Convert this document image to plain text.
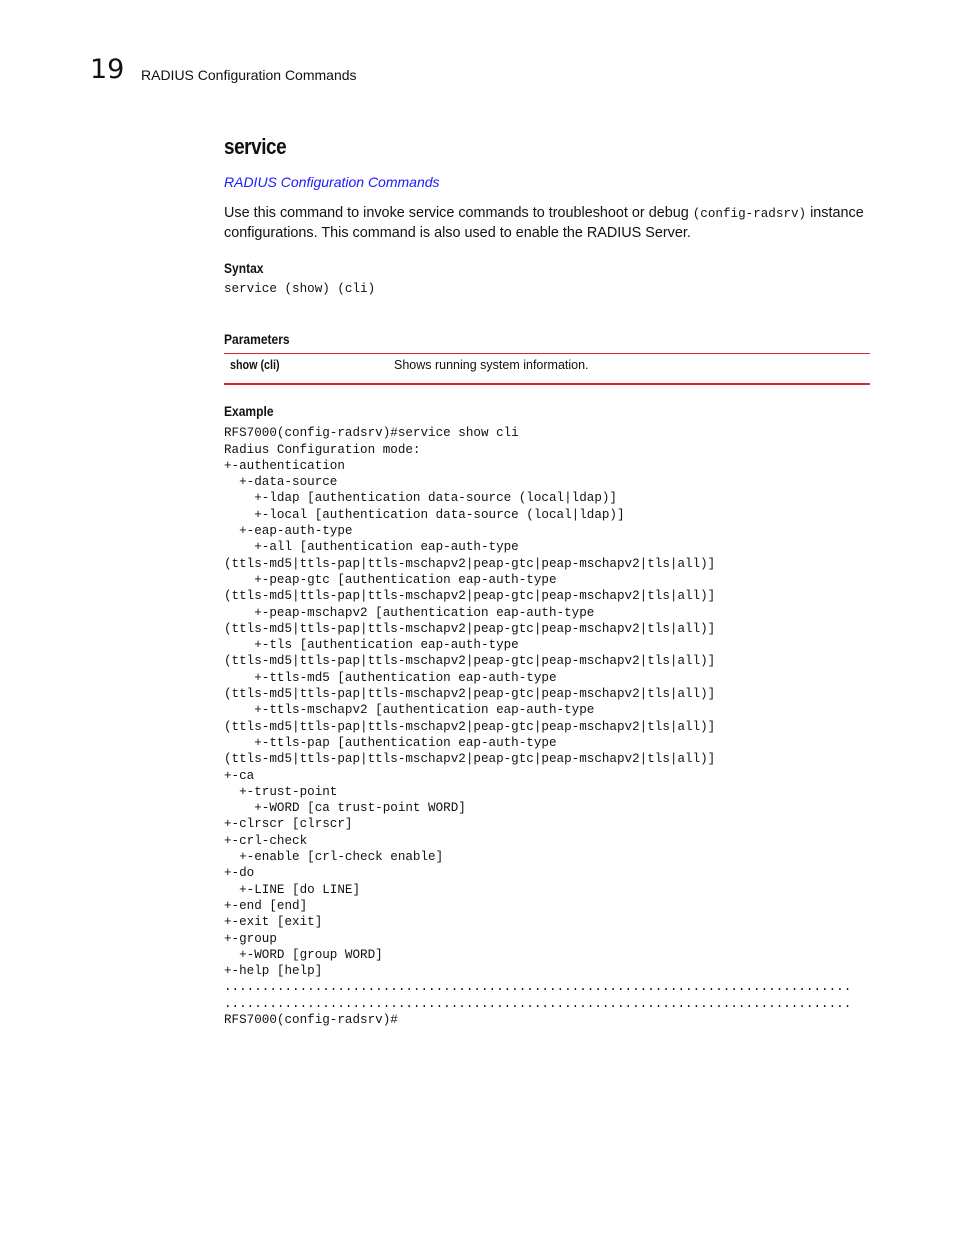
19 RADIUS Configuration Commands
service
RADIUS Configuration Commands

Use this command to invoke service commands to troubleshoot or debug (config-radsrv) instance configurations. This command is also used to enable the RADIUS Server.

Syntax
service (show) (cli)
Parameters
show (cli)	Shows running system information.
Example
RFS7000(config-radsrv)#service show cli
Radius Configuration mode:
+-authentication
+-data-source
+-ldap [authentication data-source (local|ldap)]
+-local [authentication data-source (local|ldap)]
+-eap-auth-type
+-all [authentication eap-auth-type
(ttls-md5|ttls-pap|ttls-mschapv2|peap-gtc|peap-mschapv2|tls|all)]
+-peap-gtc [authentication eap-auth-type
(ttls-md5|ttls-pap|ttls-mschapv2|peap-gtc|peap-mschapv2|tls|all)]
+-peap-mschapv2 [authentication eap-auth-type
(ttls-md5|ttls-pap|ttls-mschapv2|peap-gtc|peap-mschapv2|tls|all)]
+-tls [authentication eap-auth-type
(ttls-md5|ttls-pap|ttls-mschapv2|peap-gtc|peap-mschapv2|tls|all)]
+-ttls-md5 [authentication eap-auth-type
(ttls-md5|ttls-pap|ttls-mschapv2|peap-gtc|peap-mschapv2|tls|all)]
+-ttls-mschapv2 [authentication eap-auth-type
(ttls-md5|ttls-pap|ttls-mschapv2|peap-gtc|peap-mschapv2|tls|all)]
+-ttls-pap [authentication eap-auth-type
(ttls-md5|ttls-pap|ttls-mschapv2|peap-gtc|peap-mschapv2|tls|all)]
+-ca
+-trust-point
+-WORD [ca trust-point WORD]
+-clrscr [clrscr]
+-crl-check
+-enable [crl-check enable]
+-do
+-LINE [do LINE]
+-end [end]
+-exit [exit]
+-group
+-WORD [group WORD]
+-help [help]
...................................................................................
...................................................................................
RFS7000(config-radsrv)#
